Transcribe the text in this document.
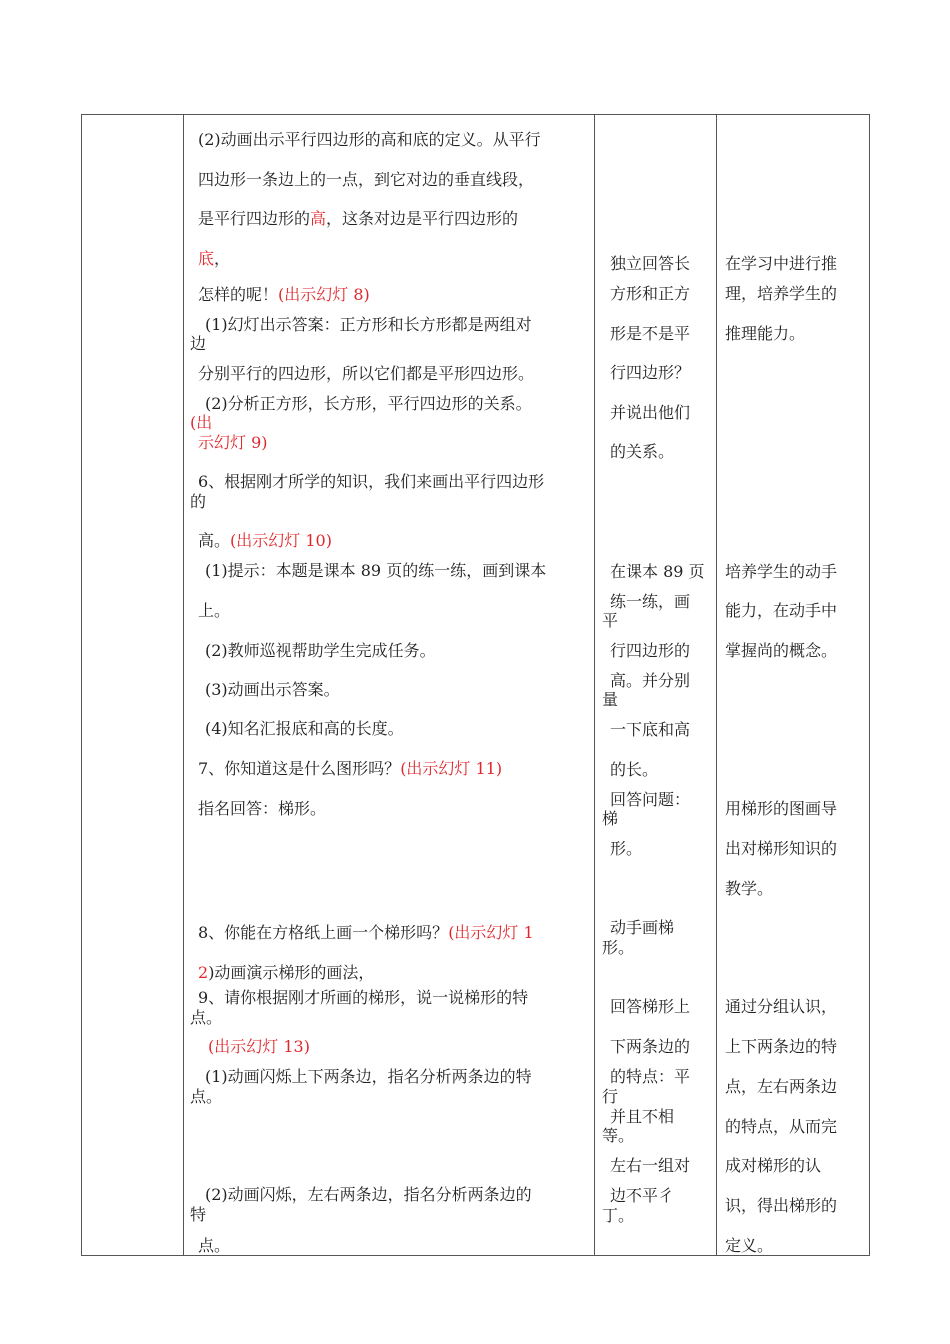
(2)动画出示平行四边形的高和底的定义。从平行
四边形一条边上的一点，到它对边的垂直线段，
是平行四边形的高，这条对边是平行四边形的
底，
怎样的呢！(出示幻灯 8)
(1)幻灯出示答案：正方形和长方形都是两组对
边
分别平行的四边形，所以它们都是平形四边形。
(2)分析正方形，长方形，平行四边形的关系。
(出
示幻灯 9)
6、根据刚才所学的知识，我们来画出平行四边形
的
高。(出示幻灯 10)
(1)提示：本题是课本 89 页的练一练，画到课本
上。
(2)教师巡视帮助学生完成任务。
(3)动画出示答案。
(4)知名汇报底和高的长度。
7、你知道这是什么图形吗？(出示幻灯 11)
指名回答：梯形。
8、你能在方格纸上画一个梯形吗？(出示幻灯 1
2)动画演示梯形的画法，
9、请你根据刚才所画的梯形，说一说梯形的特
点。
(出示幻灯 13)
(1)动画闪烁上下两条边，指名分析两条边的特
点。
(2)动画闪烁，左右两条边，指名分析两条边的
特
点。
独立回答长
方形和正方
形是不是平
行四边形？
并说出他们
的关系。
在课本 89 页
练一练，画
平
行四边形的
高。并分别
量
一下底和高
的长。
回答问题：
梯
形。
动手画梯
形。
回答梯形上
下两条边的
的特点：平
行
并且不相
等。
左右一组对
边不平彳
丁。
在学习中进行推
理，培养学生的
推理能力。
培养学生的动手
能力，在动手中
掌握尚的概念。
用梯形的图画导
出对梯形知识的
教学。
通过分组认识，
上下两条边的特
点，左右两条边
的特点，从而完
成对梯形的认
识，得出梯形的
定义。
